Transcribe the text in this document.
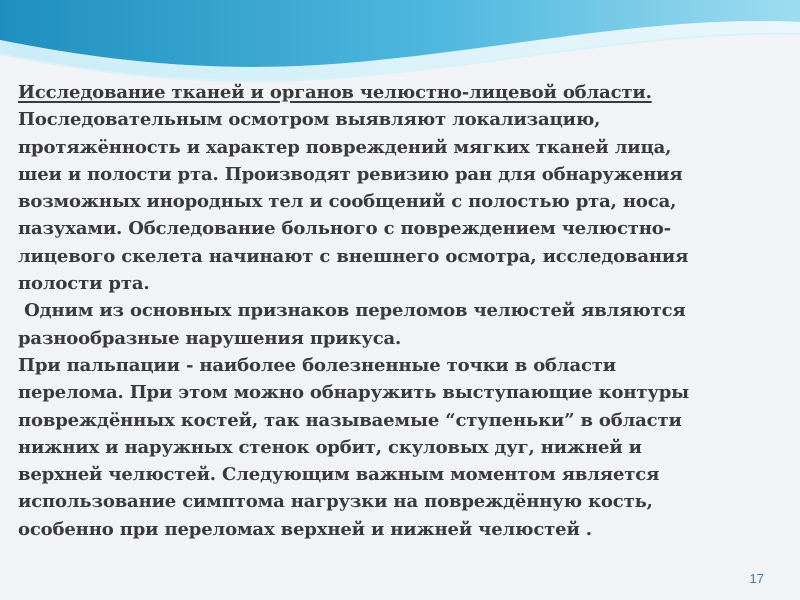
Исследование тканей и органов челюстно-лицевой области.
Последовательным осмотром выявляют локализацию,
протяжённость и характер повреждений мягких тканей лица,
шеи и полости рта. Производят ревизию ран для обнаружения
возможных инородных тел и сообщений с полостью рта, носа,
пазухами. Обследование больного с повреждением челюстно-
лицевого скелета начинают с внешнего осмотра, исследования
полости рта.
Одним из основных признаков переломов челюстей являются
разнообразные нарушения прикуса.
При пальпации - наиболее болезненные точки в области
перелома. При этом можно обнаружить выступающие контуры
повреждённых костей, так называемые “ступеньки” в области
нижних и наружных стенок орбит, скуловых дуг, нижней и
верхней челюстей. Следующим важным моментом является
использование симптома нагрузки на повреждённую кость,
особенно при переломах верхней и нижней челюстей .
17
